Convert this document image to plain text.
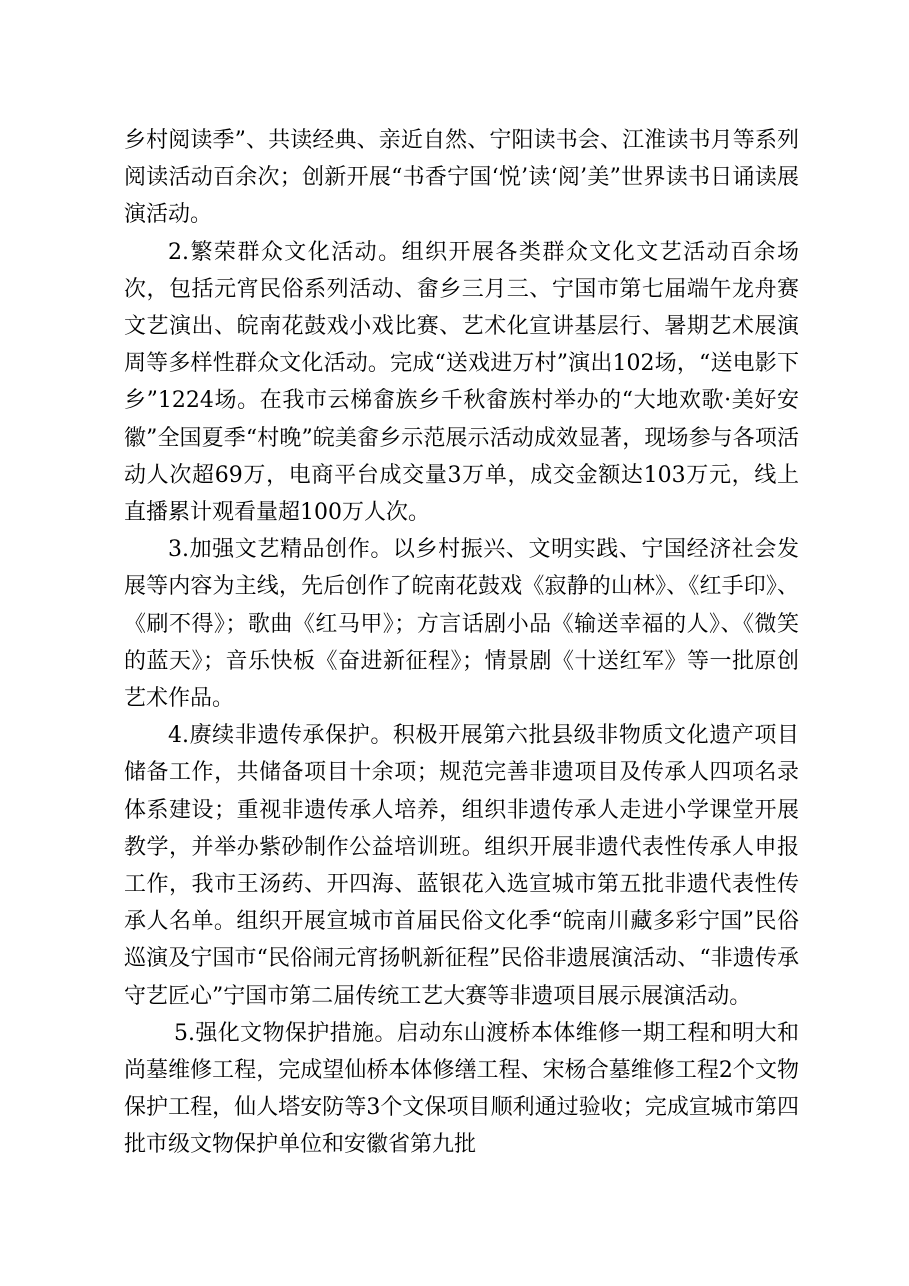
乡村阅读季”、共读经典、亲近自然、宁阳读书会、江淮读书月等系列阅读活动百余次；创新开展“书香宁国‘悦’读‘阅’美”世界读书日诵读展演活动。

2.繁荣群众文化活动。组织开展各类群众文化文艺活动百余场次，包括元宵民俗系列活动、畲乡三月三、宁国市第七届端午龙舟赛文艺演出、皖南花鼓戏小戏比赛、艺术化宣讲基层行、暑期艺术展演周等多样性群众文化活动。完成“送戏进万村”演出102场，“送电影下乡”1224场。在我市云梯畲族乡千秋畲族村举办的“大地欢歌·美好安徽”全国夏季“村晚”皖美畲乡示范展示活动成效显著，现场参与各项活动人次超69万，电商平台成交量3万单，成交金额达103万元，线上直播累计观看量超100万人次。

3.加强文艺精品创作。以乡村振兴、文明实践、宁国经济社会发展等内容为主线，先后创作了皖南花鼓戏《寂静的山林》、《红手印》、《刷不得》；歌曲《红马甲》；方言话剧小品《输送幸福的人》、《微笑的蓝天》；音乐快板《奋进新征程》；情景剧《十送红军》等一批原创艺术作品。

4.赓续非遗传承保护。积极开展第六批县级非物质文化遗产项目储备工作，共储备项目十余项；规范完善非遗项目及传承人四项名录体系建设；重视非遗传承人培养，组织非遗传承人走进小学课堂开展教学，并举办紫砂制作公益培训班。组织开展非遗代表性传承人申报工作，我市王汤药、开四海、蓝银花入选宣城市第五批非遗代表性传承人名单。组织开展宣城市首届民俗文化季“皖南川藏多彩宁国”民俗巡演及宁国市“民俗闹元宵扬帆新征程”民俗非遗展演活动、“非遗传承守艺匠心”宁国市第二届传统工艺大赛等非遗项目展示展演活动。

5.强化文物保护措施。启动东山渡桥本体维修一期工程和明大和尚墓维修工程，完成望仙桥本体修缮工程、宋杨合墓维修工程2个文物保护工程，仙人塔安防等3个文保项目顺利通过验收；完成宣城市第四批市级文物保护单位和安徽省第九批
